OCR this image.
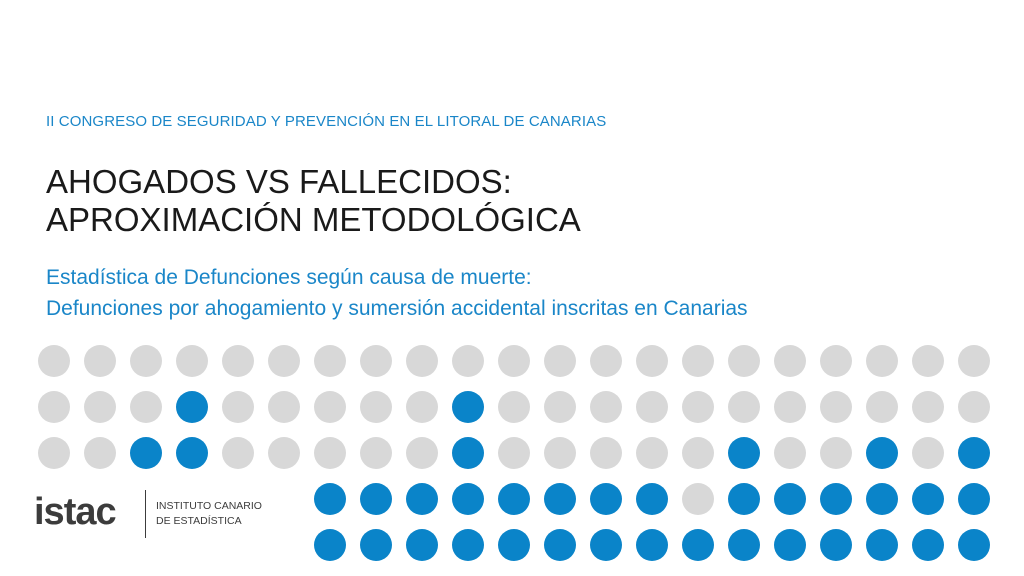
II CONGRESO DE SEGURIDAD Y PREVENCIÓN EN EL LITORAL DE CANARIAS
AHOGADOS VS FALLECIDOS:
APROXIMACIÓN METODOLÓGICA
Estadística de Defunciones según causa de muerte:
Defunciones por ahogamiento y sumersión accidental inscritas en Canarias
istac	INSTITUTO CANARIO
DE ESTADÍSTICA
